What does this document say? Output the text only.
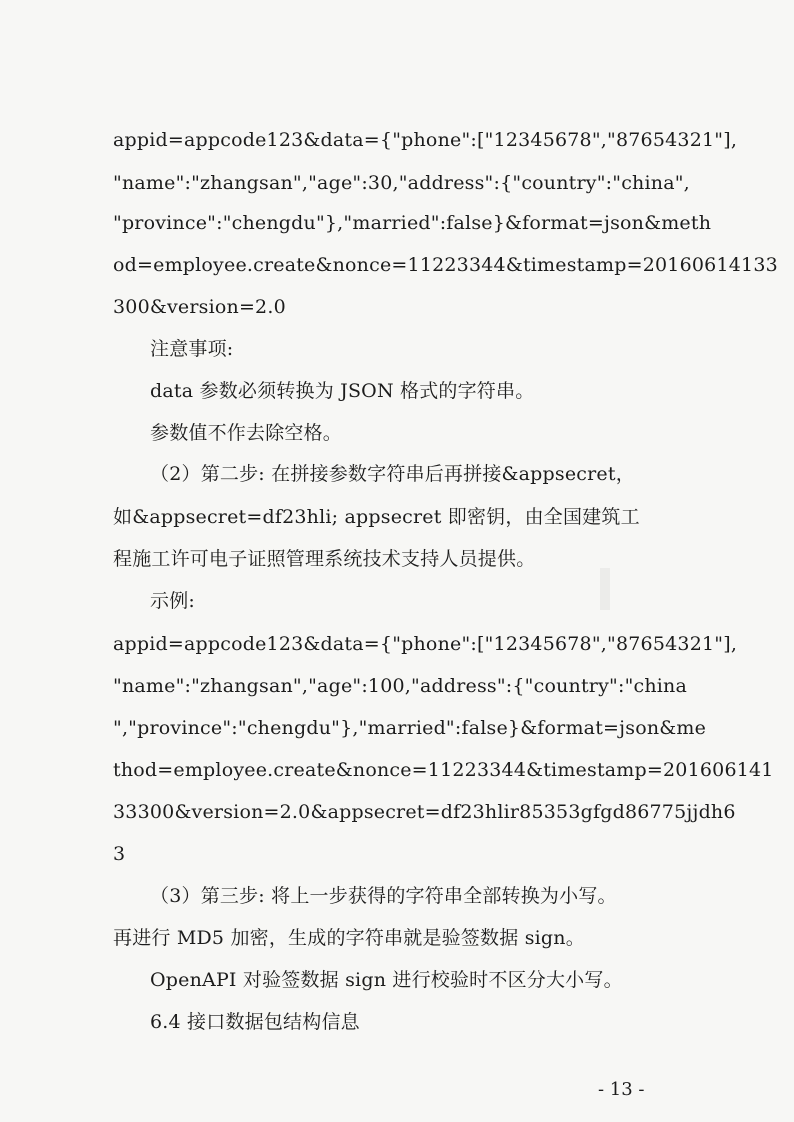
appid=appcode123&data={"phone":["12345678","87654321"],
"name":"zhangsan","age":30,"address":{"country":"china",
"province":"chengdu"},"married":false}&format=json&meth
od=employee.create&nonce=11223344&timestamp=20160614133
300&version=2.0
注意事项:
data 参数必须转换为 JSON 格式的字符串。
参数值不作去除空格。
（2）第二步: 在拼接参数字符串后再拼接&appsecret，
如&appsecret=df23hli; appsecret 即密钥，由全国建筑工
程施工许可电子证照管理系统技术支持人员提供。
示例:
appid=appcode123&data={"phone":["12345678","87654321"],
"name":"zhangsan","age":100,"address":{"country":"china
","province":"chengdu"},"married":false}&format=json&me
thod=employee.create&nonce=11223344&timestamp=201606141
33300&version=2.0&appsecret=df23hlir85353gfgd86775jjdh6
3
（3）第三步: 将上一步获得的字符串全部转换为小写。
再进行 MD5 加密，生成的字符串就是验签数据 sign。
OpenAPI 对验签数据 sign 进行校验时不区分大小写。
6.4 接口数据包结构信息
- 13 -
